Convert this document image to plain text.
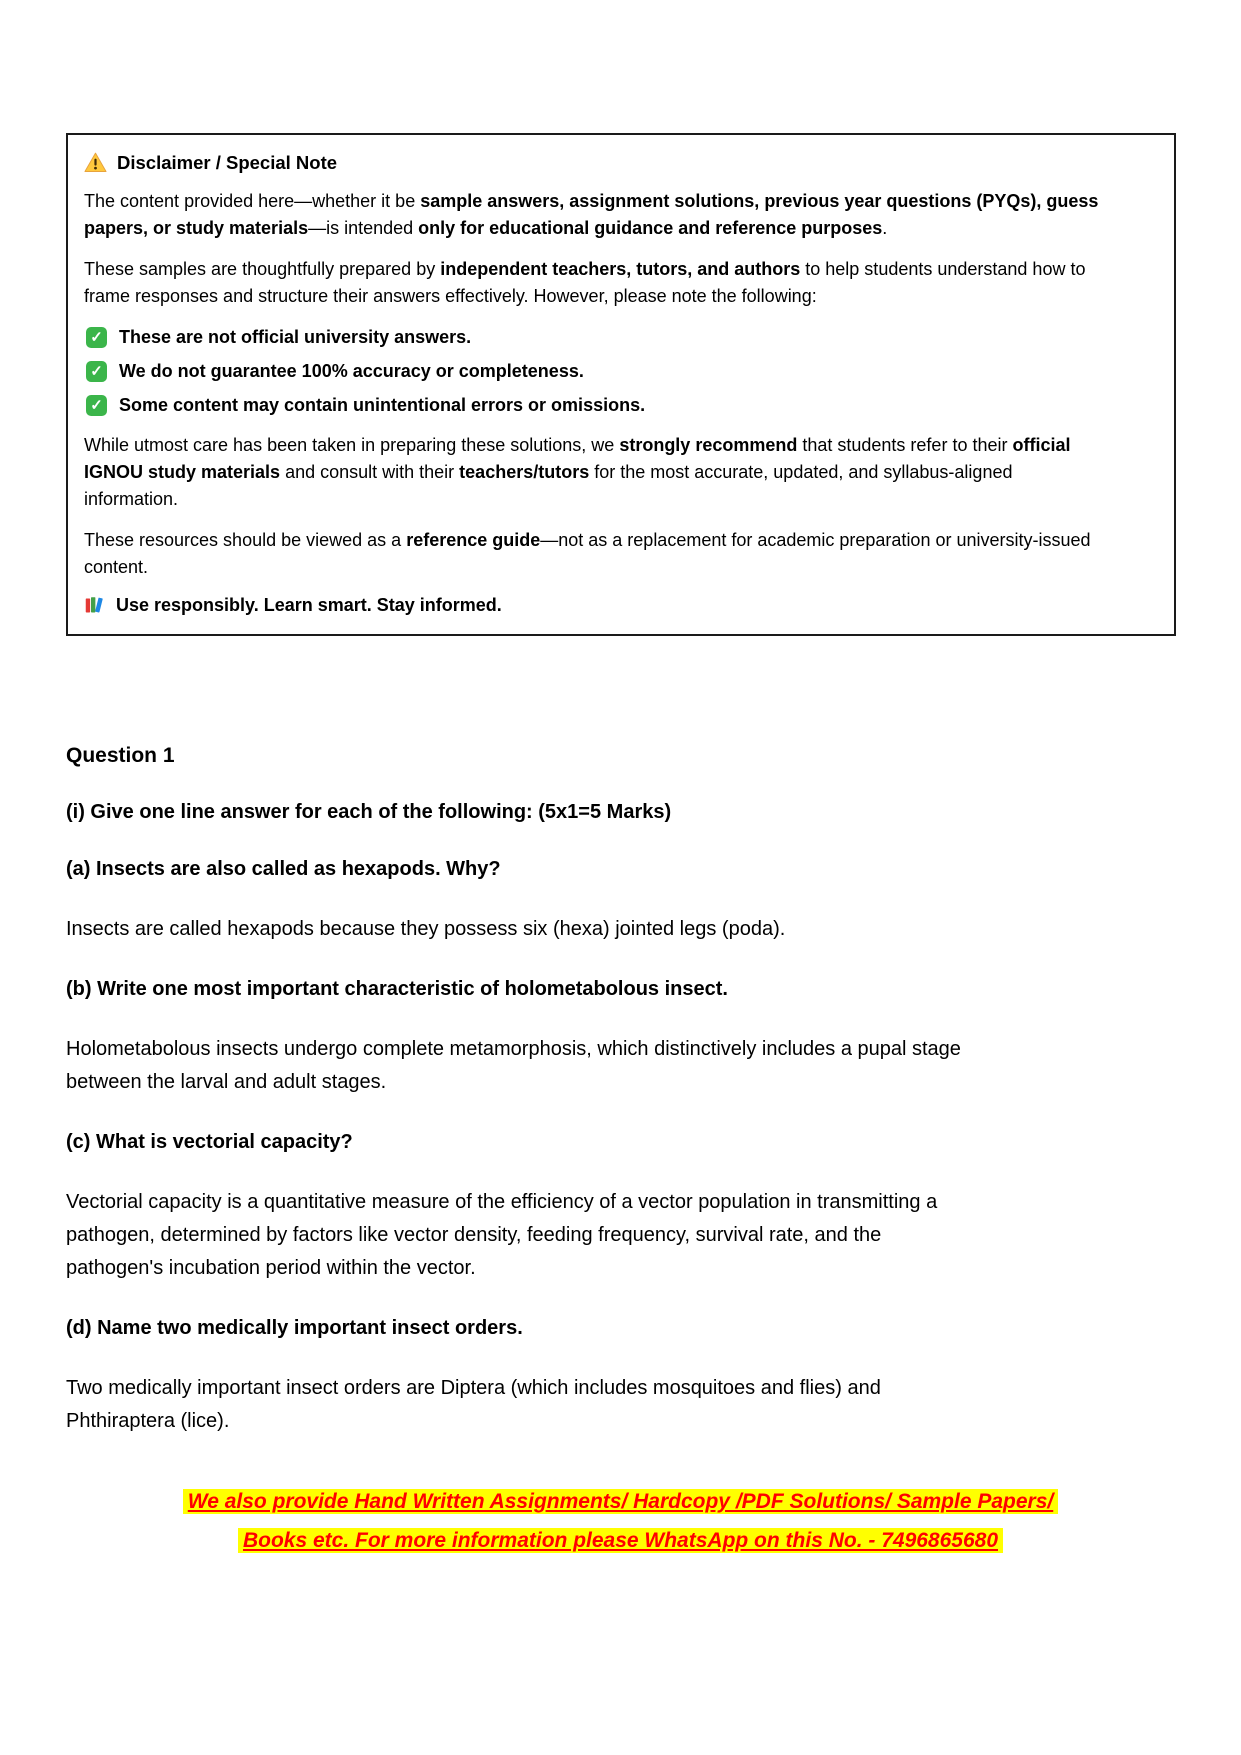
Disclaimer / Special Note

The content provided here—whether it be sample answers, assignment solutions, previous year questions (PYQs), guess papers, or study materials—is intended only for educational guidance and reference purposes.

These samples are thoughtfully prepared by independent teachers, tutors, and authors to help students understand how to frame responses and structure their answers effectively. However, please note the following:

✓ These are not official university answers.
✓ We do not guarantee 100% accuracy or completeness.
✓ Some content may contain unintentional errors or omissions.

While utmost care has been taken in preparing these solutions, we strongly recommend that students refer to their official IGNOU study materials and consult with their teachers/tutors for the most accurate, updated, and syllabus-aligned information.

These resources should be viewed as a reference guide—not as a replacement for academic preparation or university-issued content.

Use responsibly. Learn smart. Stay informed.
Question 1

(i) Give one line answer for each of the following: (5x1=5 Marks)

(a) Insects are also called as hexapods. Why?

Insects are called hexapods because they possess six (hexa) jointed legs (poda).

(b) Write one most important characteristic of holometabolous insect.

Holometabolous insects undergo complete metamorphosis, which distinctively includes a pupal stage between the larval and adult stages.

(c) What is vectorial capacity?

Vectorial capacity is a quantitative measure of the efficiency of a vector population in transmitting a pathogen, determined by factors like vector density, feeding frequency, survival rate, and the pathogen's incubation period within the vector.

(d) Name two medically important insect orders.

Two medically important insect orders are Diptera (which includes mosquitoes and flies) and Phthiraptera (lice).

We also provide Hand Written Assignments/ Hardcopy /PDF Solutions/ Sample Papers/
Books etc. For more information please WhatsApp on this No. - 7496865680
